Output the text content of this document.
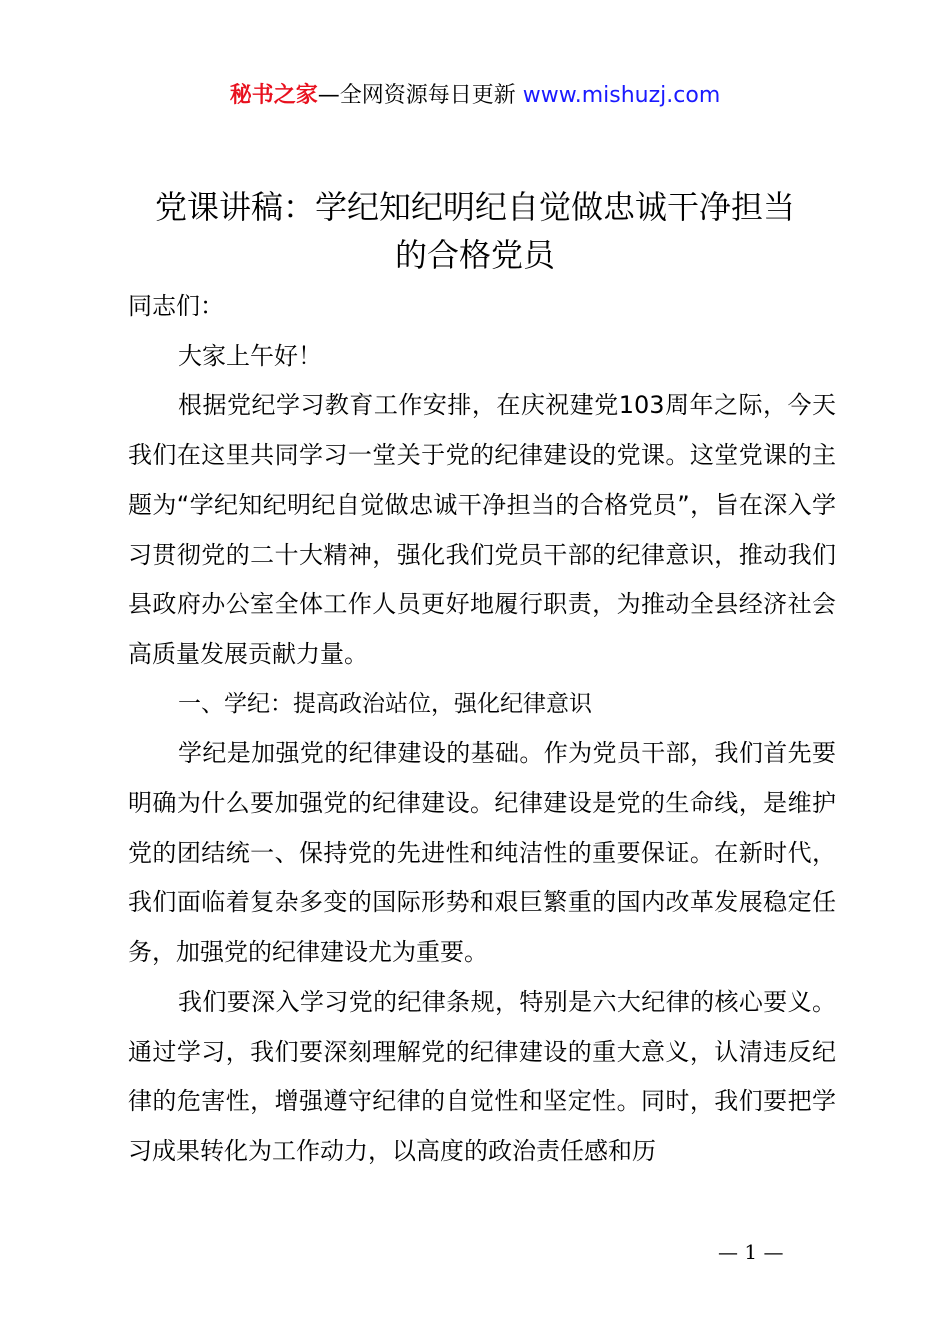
秘书之家—全网资源每日更新 www.mishuzj.com
党课讲稿：学纪知纪明纪自觉做忠诚干净担当
的合格党员

同志们：

大家上午好！

根据党纪学习教育工作安排，在庆祝建党103周年之际，今天我们在这里共同学习一堂关于党的纪律建设的党课。这堂党课的主题为“学纪知纪明纪自觉做忠诚干净担当的合格党员”，旨在深入学习贯彻党的二十大精神，强化我们党员干部的纪律意识，推动我们县政府办公室全体工作人员更好地履行职责，为推动全县经济社会高质量发展贡献力量。

一、学纪：提高政治站位，强化纪律意识

学纪是加强党的纪律建设的基础。作为党员干部，我们首先要明确为什么要加强党的纪律建设。纪律建设是党的生命线，是维护党的团结统一、保持党的先进性和纯洁性的重要保证。在新时代，我们面临着复杂多变的国际形势和艰巨繁重的国内改革发展稳定任务，加强党的纪律建设尤为重要。

我们要深入学习党的纪律条规，特别是六大纪律的核心要义。通过学习，我们要深刻理解党的纪律建设的重大意义，认清违反纪律的危害性，增强遵守纪律的自觉性和坚定性。同时，我们要把学习成果转化为工作动力，以高度的政治责任感和历

— 1 —
